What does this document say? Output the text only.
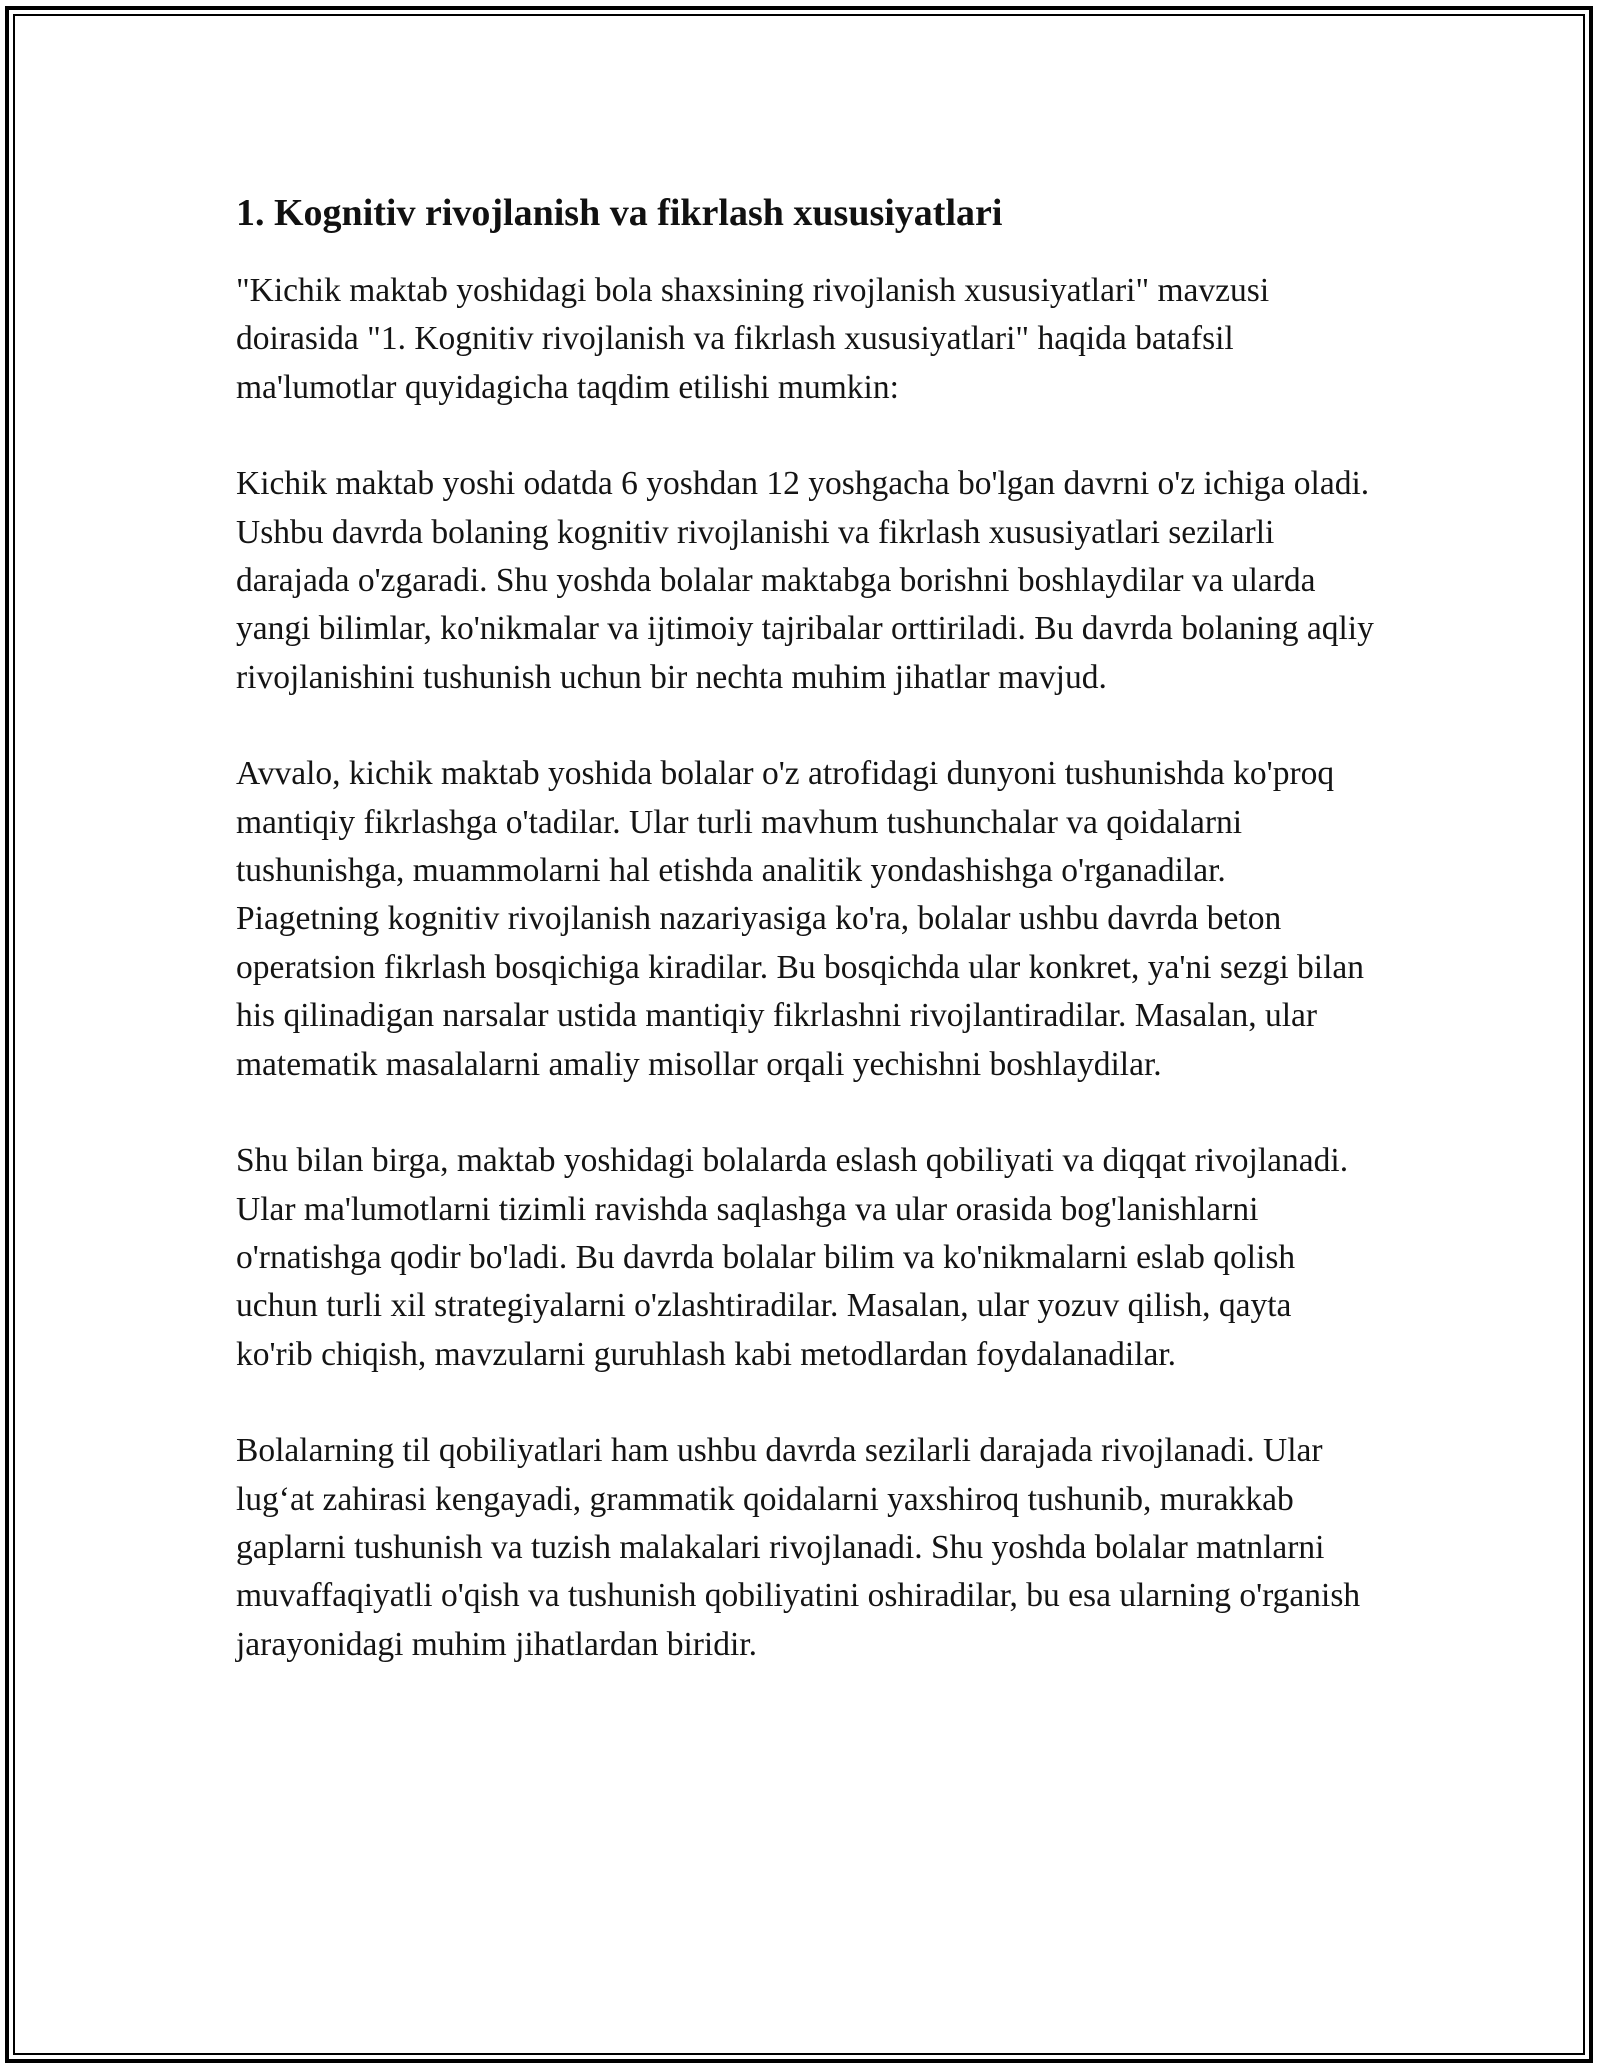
1. Kognitiv rivojlanish va fikrlash xususiyatlari

"Kichik maktab yoshidagi bola shaxsining rivojlanish xususiyatlari" mavzusi doirasida "1. Kognitiv rivojlanish va fikrlash xususiyatlari" haqida batafsil ma'lumotlar quyidagicha taqdim etilishi mumkin:

Kichik maktab yoshi odatda 6 yoshdan 12 yoshgacha bo'lgan davrni o'z ichiga oladi. Ushbu davrda bolaning kognitiv rivojlanishi va fikrlash xususiyatlari sezilarli darajada o'zgaradi. Shu yoshda bolalar maktabga borishni boshlaydilar va ularda yangi bilimlar, ko'nikmalar va ijtimoiy tajribalar orttiriladi. Bu davrda bolaning aqliy rivojlanishini tushunish uchun bir nechta muhim jihatlar mavjud.

Avvalo, kichik maktab yoshida bolalar o'z atrofidagi dunyoni tushunishda ko'proq mantiqiy fikrlashga o'tadilar. Ular turli mavhum tushunchalar va qoidalarni tushunishga, muammolarni hal etishda analitik yondashishga o'rganadilar. Piagetning kognitiv rivojlanish nazariyasiga ko'ra, bolalar ushbu davrda beton operatsion fikrlash bosqichiga kiradilar. Bu bosqichda ular konkret, ya'ni sezgi bilan his qilinadigan narsalar ustida mantiqiy fikrlashni rivojlantiradilar. Masalan, ular matematik masalalarni amaliy misollar orqali yechishni boshlaydilar.

Shu bilan birga, maktab yoshidagi bolalarda eslash qobiliyati va diqqat rivojlanadi. Ular ma'lumotlarni tizimli ravishda saqlashga va ular orasida bog'lanishlarni o'rnatishga qodir bo'ladi. Bu davrda bolalar bilim va ko'nikmalarni eslab qolish uchun turli xil strategiyalarni o'zlashtiradilar. Masalan, ular yozuv qilish, qayta ko'rib chiqish, mavzularni guruhlash kabi metodlardan foydalanadilar.

Bolalarning til qobiliyatlari ham ushbu davrda sezilarli darajada rivojlanadi. Ular lug‘at zahirasi kengayadi, grammatik qoidalarni yaxshiroq tushunib, murakkab gaplarni tushunish va tuzish malakalari rivojlanadi. Shu yoshda bolalar matnlarni muvaffaqiyatli o'qish va tushunish qobiliyatini oshiradilar, bu esa ularning o'rganish jarayonidagi muhim jihatlardan biridir.
